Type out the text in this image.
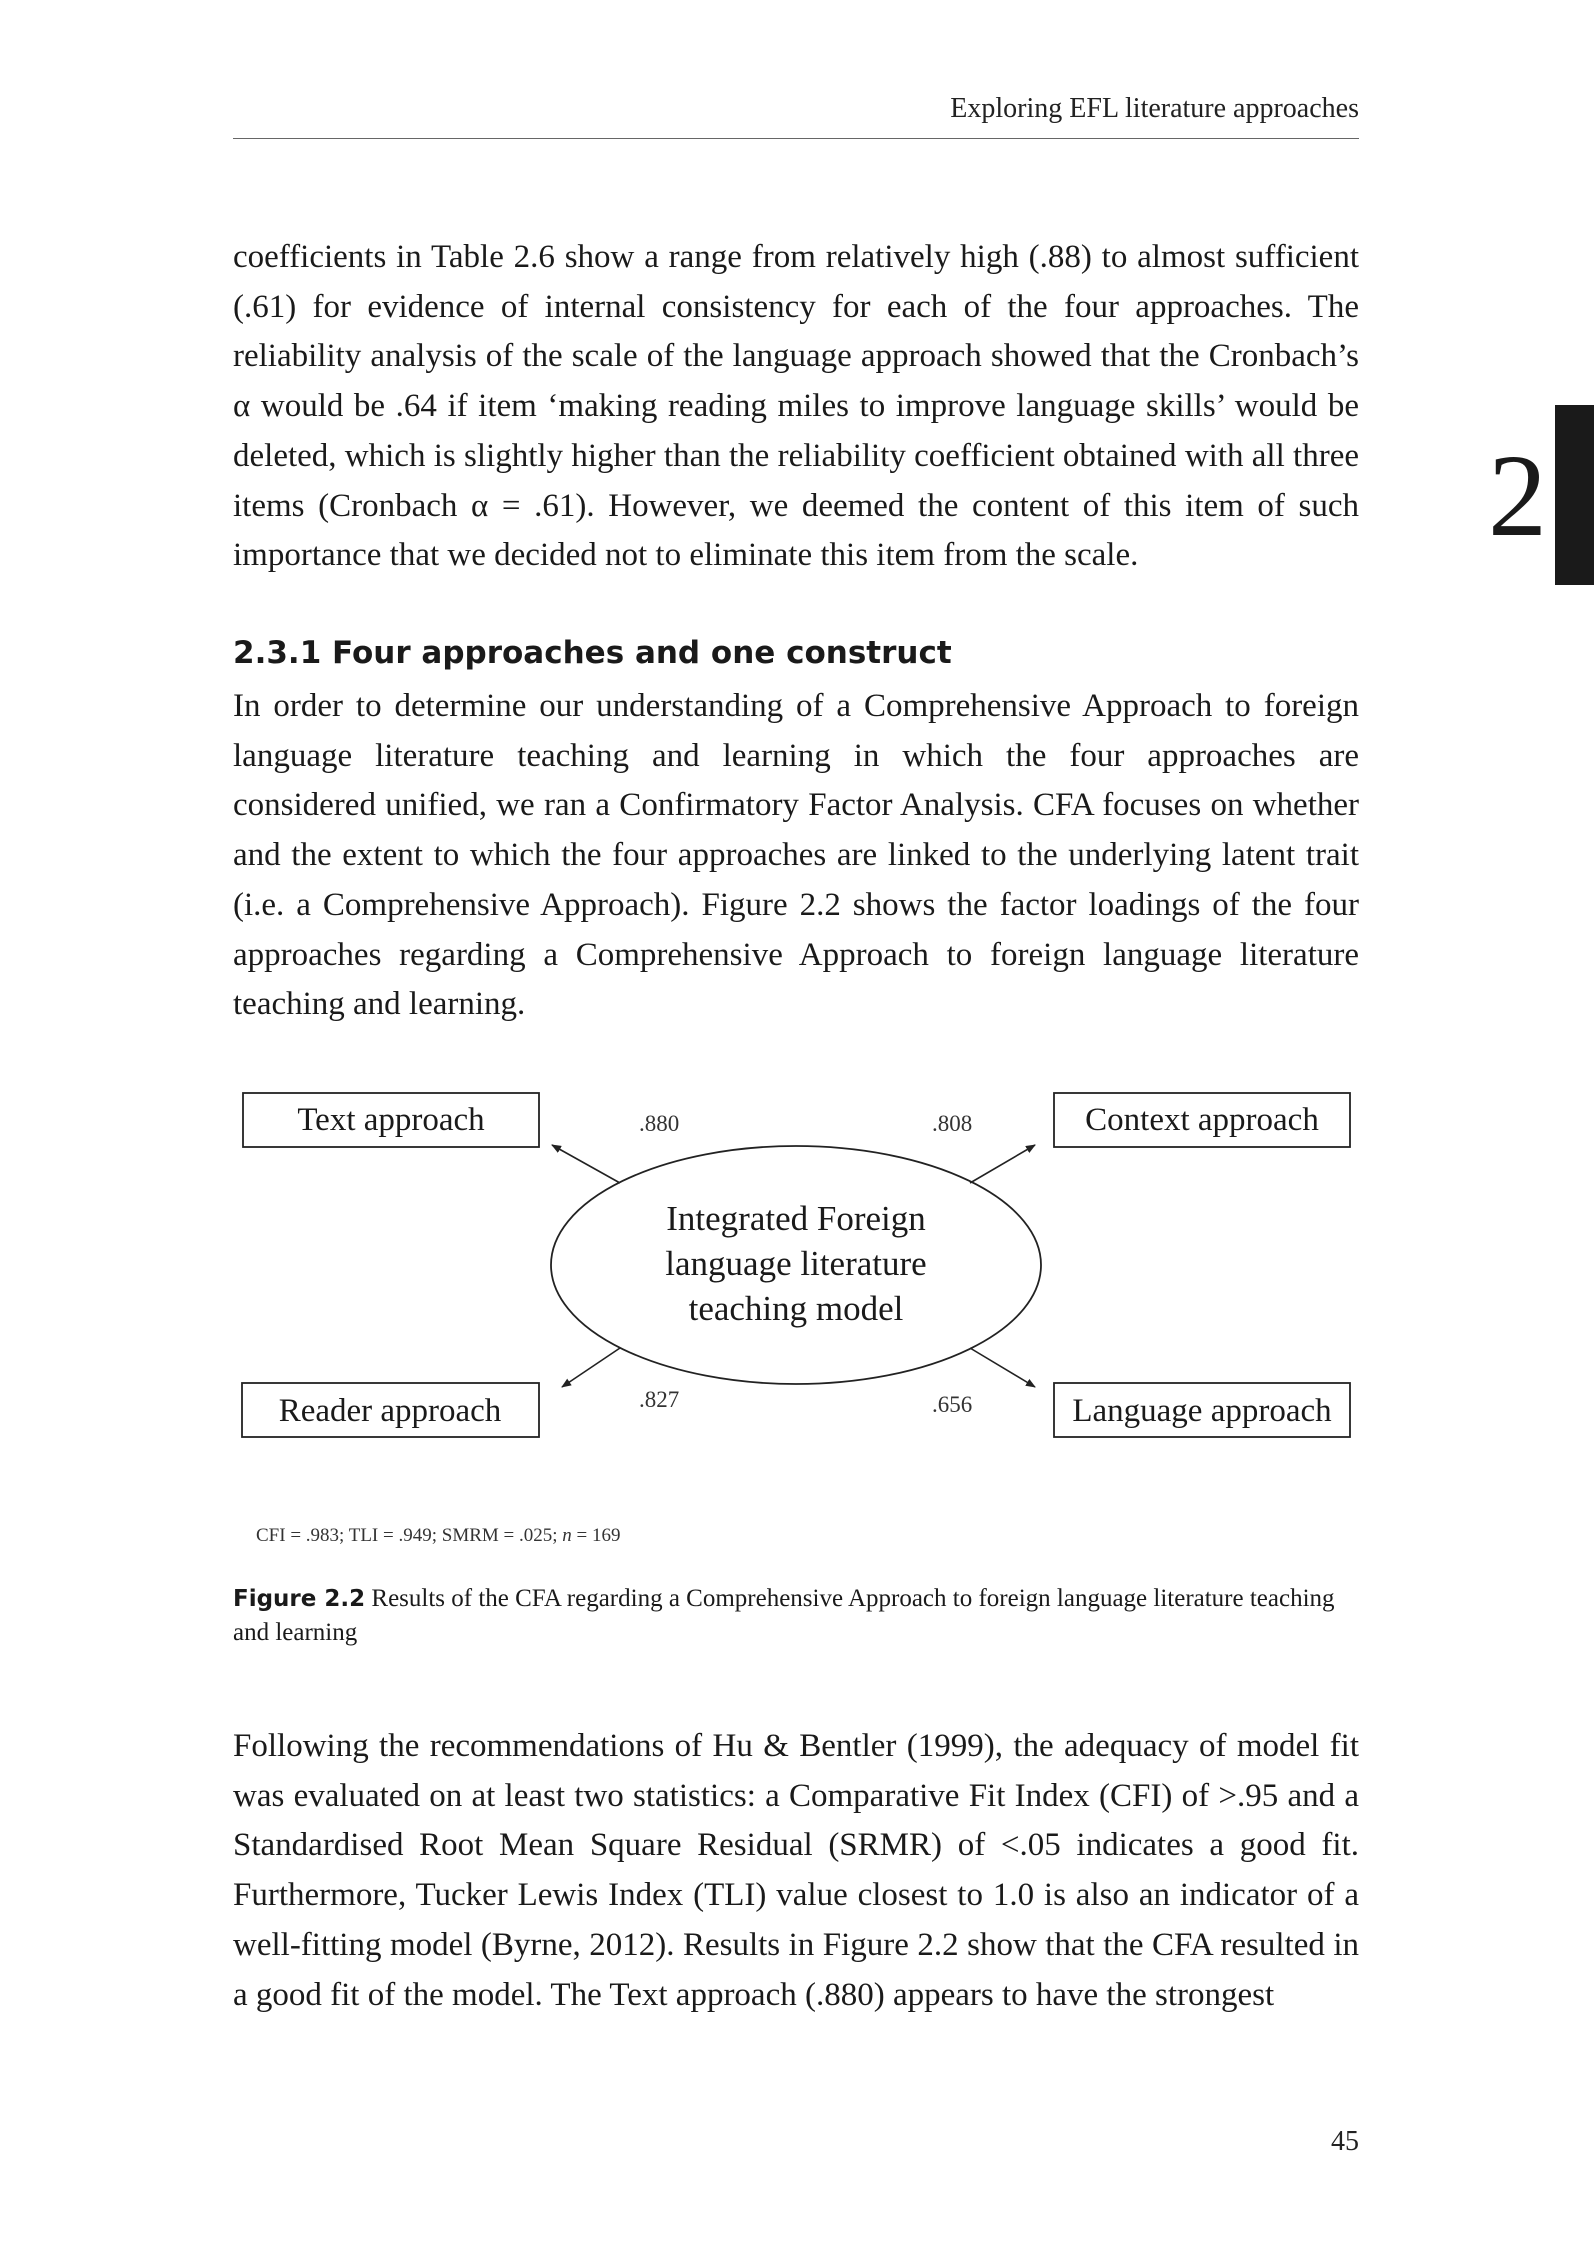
Exploring EFL literature approaches
2

coefficients in Table 2.6 show a range from relatively high (.88) to almost sufficient (.61) for evidence of internal consistency for each of the four approaches. The reliability analysis of the scale of the language approach showed that the Cronbach’s α would be .64 if item ‘making reading miles to improve language skills’ would be deleted, which is slightly higher than the reliability coefficient obtained with all three items (Cronbach α = .61). However, we deemed the content of this item of such importance that we decided not to eliminate this item from the scale.

2.3.1 Four approaches and one construct

In order to determine our understanding of a Comprehensive Approach to foreign language literature teaching and learning in which the four approaches are considered unified, we ran a Confirmatory Factor Analysis. CFA focuses on whether and the extent to which the four approaches are linked to the underlying latent trait (i.e. a Comprehensive Approach). Figure 2.2 shows the factor loadings of the four approaches regarding a Comprehensive Approach to foreign language literature teaching and learning.

Text approach	Context approach
Reader approach	Language approach
Integrated Foreign
language literature
teaching model
.880	.808
.827	.656
CFI = .983; TLI = .949; SMRM = .025; n = 169

Figure 2.2 Results of the CFA regarding a Comprehensive Approach to foreign language literature teaching and learning

Following the recommendations of Hu & Bentler (1999), the adequacy of model fit was evaluated on at least two statistics: a Comparative Fit Index (CFI) of >.95 and a Standardised Root Mean Square Residual (SRMR) of <.05 indicates a good fit. Furthermore, Tucker Lewis Index (TLI) value closest to 1.0 is also an indicator of a well-fitting model (Byrne, 2012). Results in Figure 2.2 show that the CFA resulted in a good fit of the model. The Text approach (.880) appears to have the strongest

45
